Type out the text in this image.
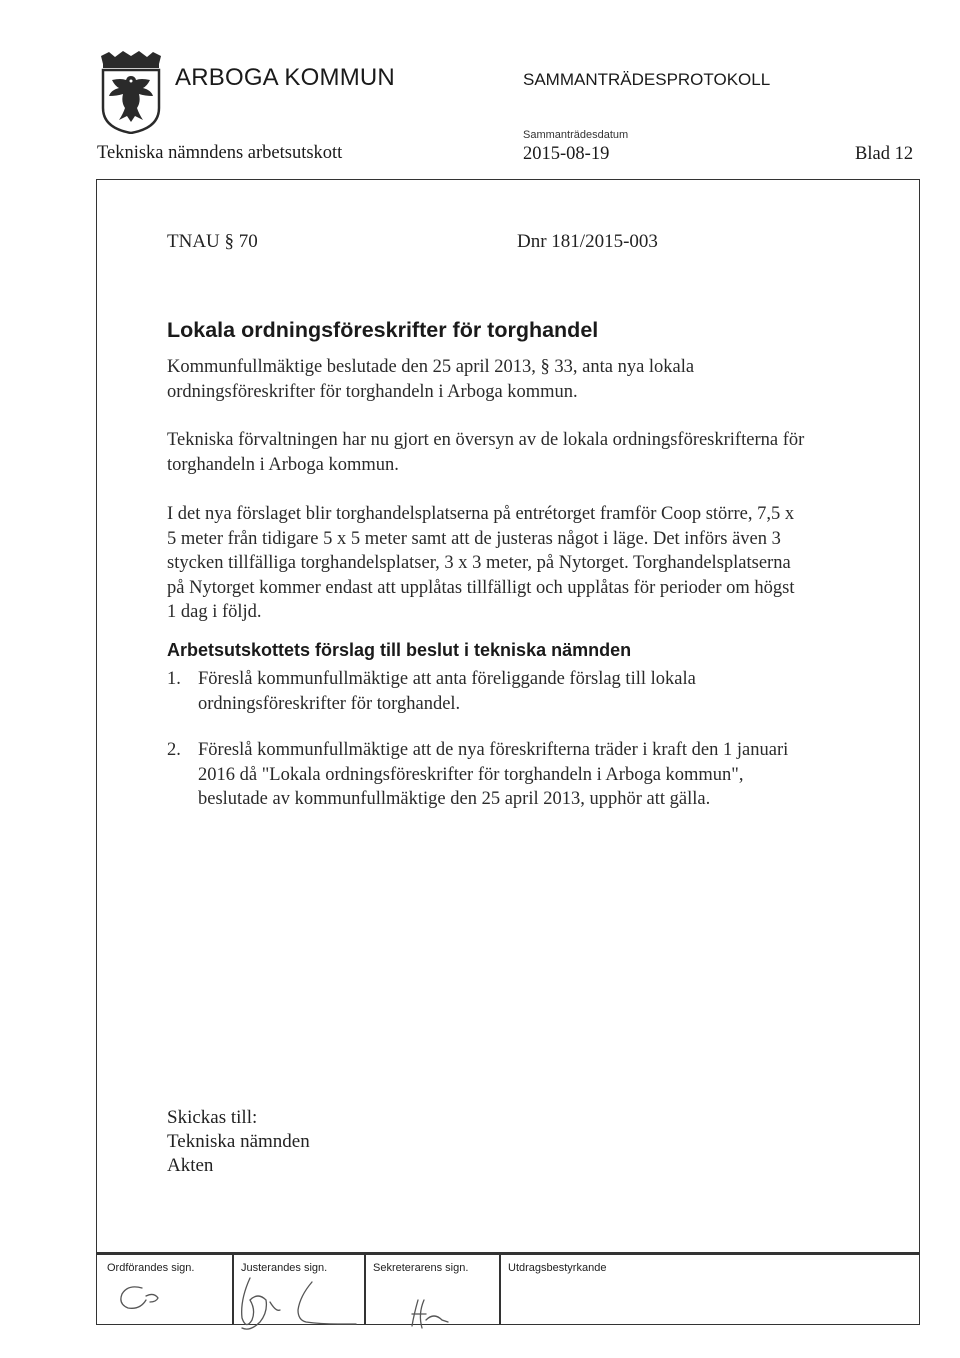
ARBOGA KOMMUN	SAMMANTRÄDESPROTOKOLL
Tekniska nämndens arbetsutskott
Sammanträdesdatum
2015-08-19	Blad 12
TNAU § 70	Dnr 181/2015-003
Lokala ordningsföreskrifter för torghandel
Kommunfullmäktige beslutade den 25 april 2013, § 33, anta nya lokala ordningsföreskrifter för torghandeln i Arboga kommun.
Tekniska förvaltningen har nu gjort en översyn av de lokala ordningsföreskrifterna för torghandeln i Arboga kommun.
I det nya förslaget blir torghandelsplatserna på entrétorget framför Coop större, 7,5 x 5 meter från tidigare 5 x 5 meter samt att de justeras något i läge. Det införs även 3 stycken tillfälliga torghandelsplatser, 3 x 3 meter, på Nytorget. Torghandelsplatserna på Nytorget kommer endast att upplåtas tillfälligt och upplåtas för perioder om högst 1 dag i följd.
Arbetsutskottets förslag till beslut i tekniska nämnden
1. Föreslå kommunfullmäktige att anta föreliggande förslag till lokala ordningsföreskrifter för torghandel.
2. Föreslå kommunfullmäktige att de nya föreskrifterna träder i kraft den 1 januari 2016 då "Lokala ordningsföreskrifter för torghandeln i Arboga kommun", beslutade av kommunfullmäktige den 25 april 2013, upphör att gälla.
Skickas till:
Tekniska nämnden
Akten
Ordförandes sign.	Justerandes sign.	Sekreterarens sign.	Utdragsbestyrkande
